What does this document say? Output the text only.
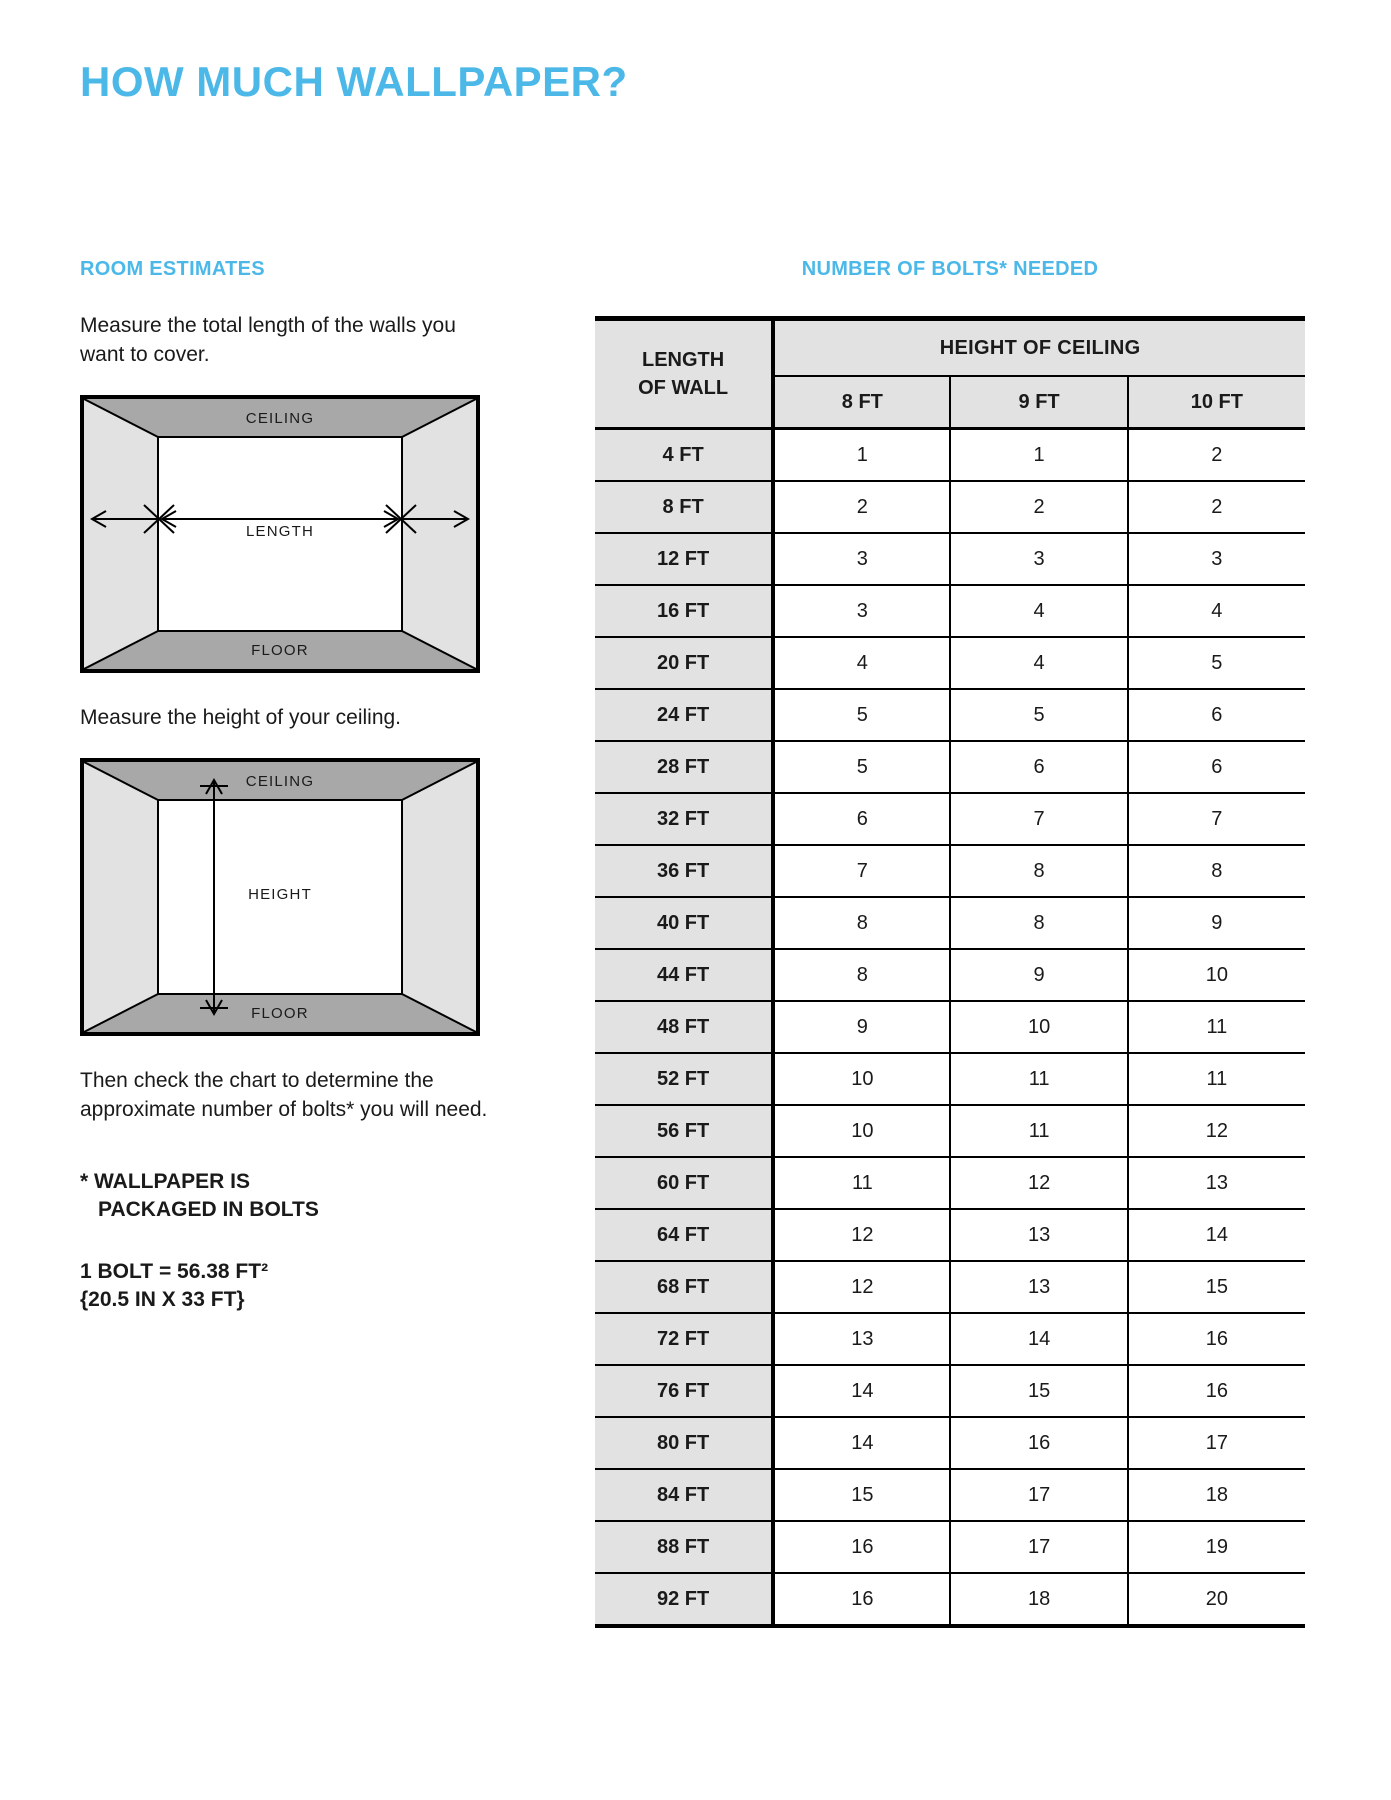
HOW MUCH WALLPAPER?
ROOM ESTIMATES
Measure the total length of the walls you want to cover.
CEILING
FLOOR
LENGTH
Measure the height of your ceiling.
CEILING
FLOOR
HEIGHT
Then check the chart to determine the approximate number of bolts* you will need.
* WALLPAPER IS
PACKAGED IN BOLTS
1 BOLT = 56.38 FT²
{20.5 IN X 33 FT}
NUMBER OF BOLTS* NEEDED
LENGTH
OF WALL	HEIGHT OF CEILING		
	8 FT	9 FT	10 FT
4 FT	1	1	2
8 FT	2	2	2
12 FT	3	3	3
16 FT	3	4	4
20 FT	4	4	5
24 FT	5	5	6
28 FT	5	6	6
32 FT	6	7	7
36 FT	7	8	8
40 FT	8	8	9
44 FT	8	9	10
48 FT	9	10	11
52 FT	10	11	11
56 FT	10	11	12
60 FT	11	12	13
64 FT	12	13	14
68 FT	12	13	15
72 FT	13	14	16
76 FT	14	15	16
80 FT	14	16	17
84 FT	15	17	18
88 FT	16	17	19
92 FT	16	18	20
